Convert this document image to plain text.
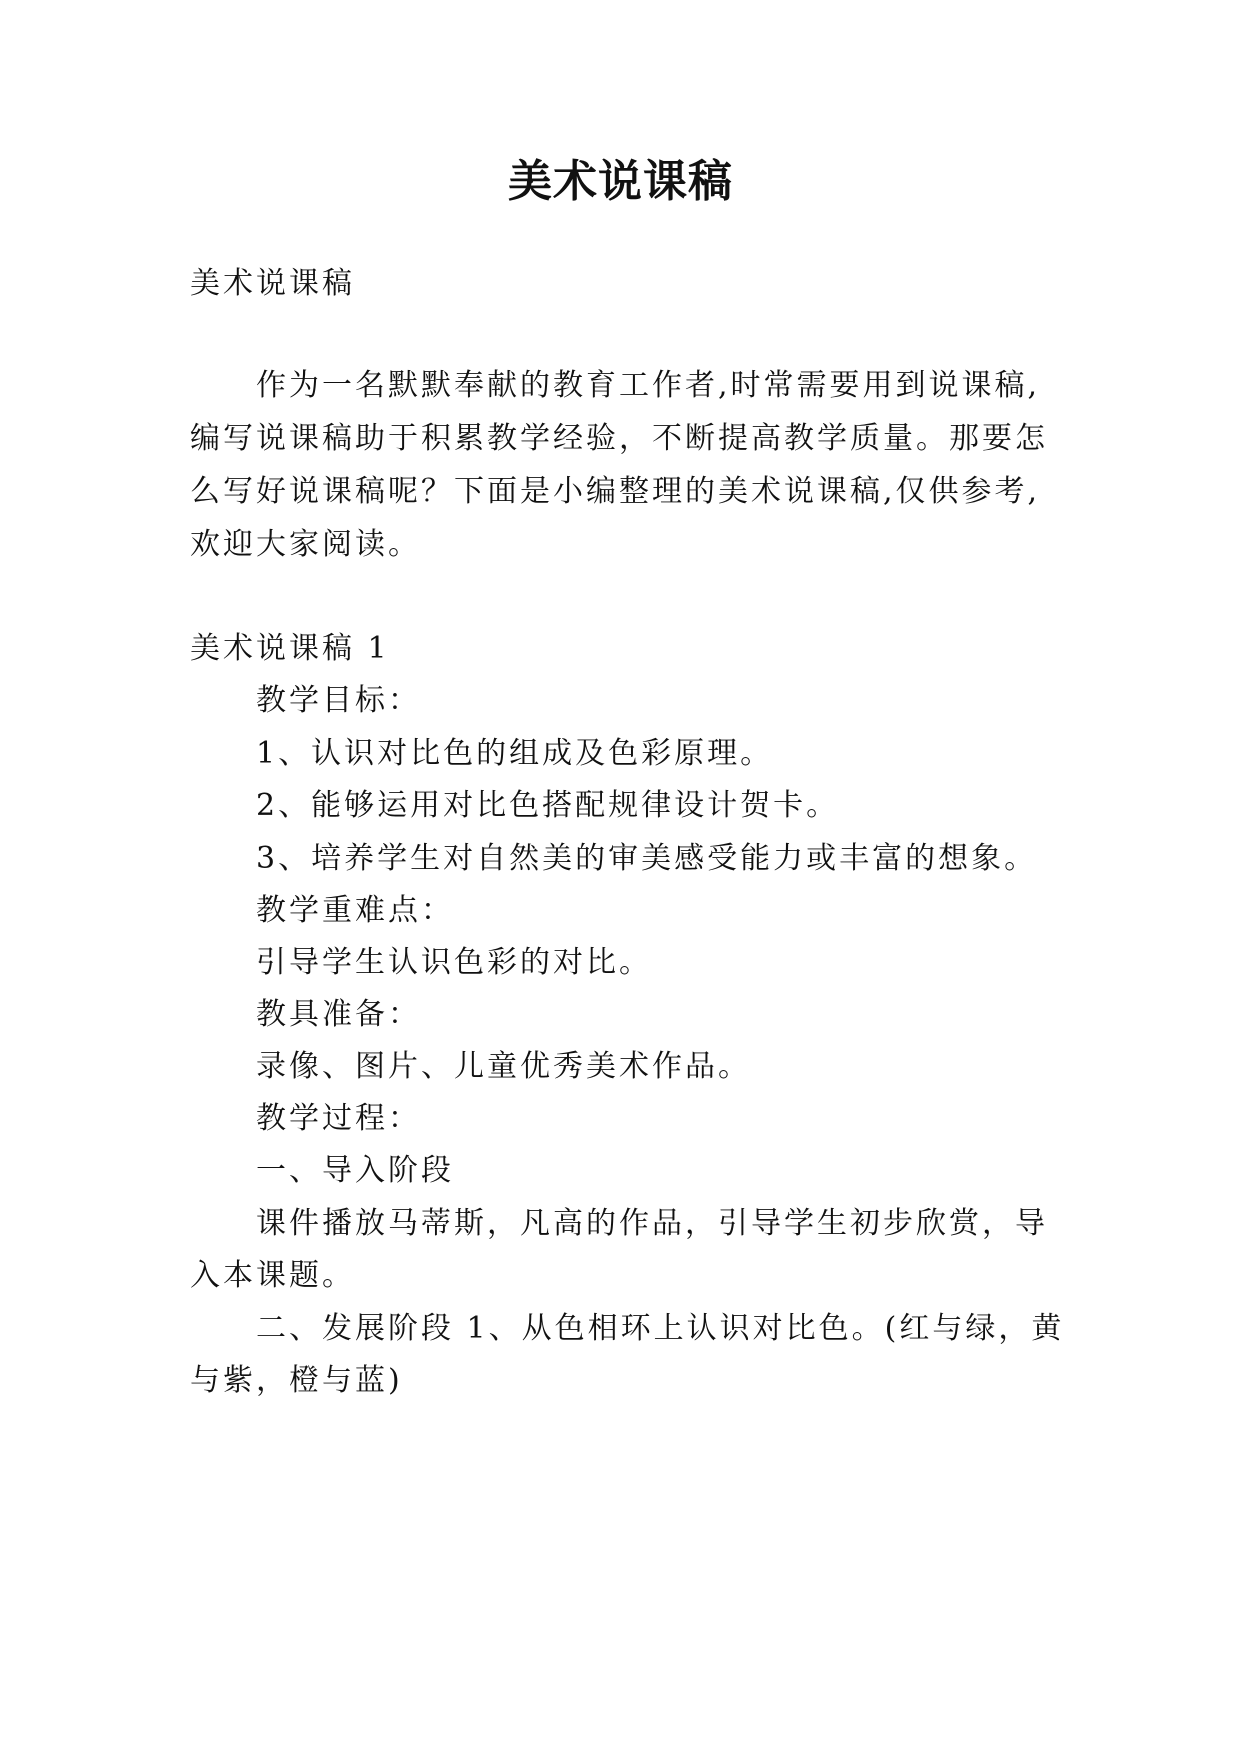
美术说课稿
美术说课稿
作为一名默默奉献的教育工作者,时常需要用到说课稿,
编写说课稿助于积累教学经验，不断提高教学质量。那要怎
么写好说课稿呢？下面是小编整理的美术说课稿,仅供参考,
欢迎大家阅读。
美术说课稿 1
教学目标：
1、认识对比色的组成及色彩原理。
2、能够运用对比色搭配规律设计贺卡。
3、培养学生对自然美的审美感受能力或丰富的想象。
教学重难点：
引导学生认识色彩的对比。
教具准备：
录像、图片、儿童优秀美术作品。
教学过程：
一、导入阶段
课件播放马蒂斯，凡高的作品，引导学生初步欣赏，导
入本课题。
二、发展阶段 1、从色相环上认识对比色。(红与绿，黄
与紫，橙与蓝)
